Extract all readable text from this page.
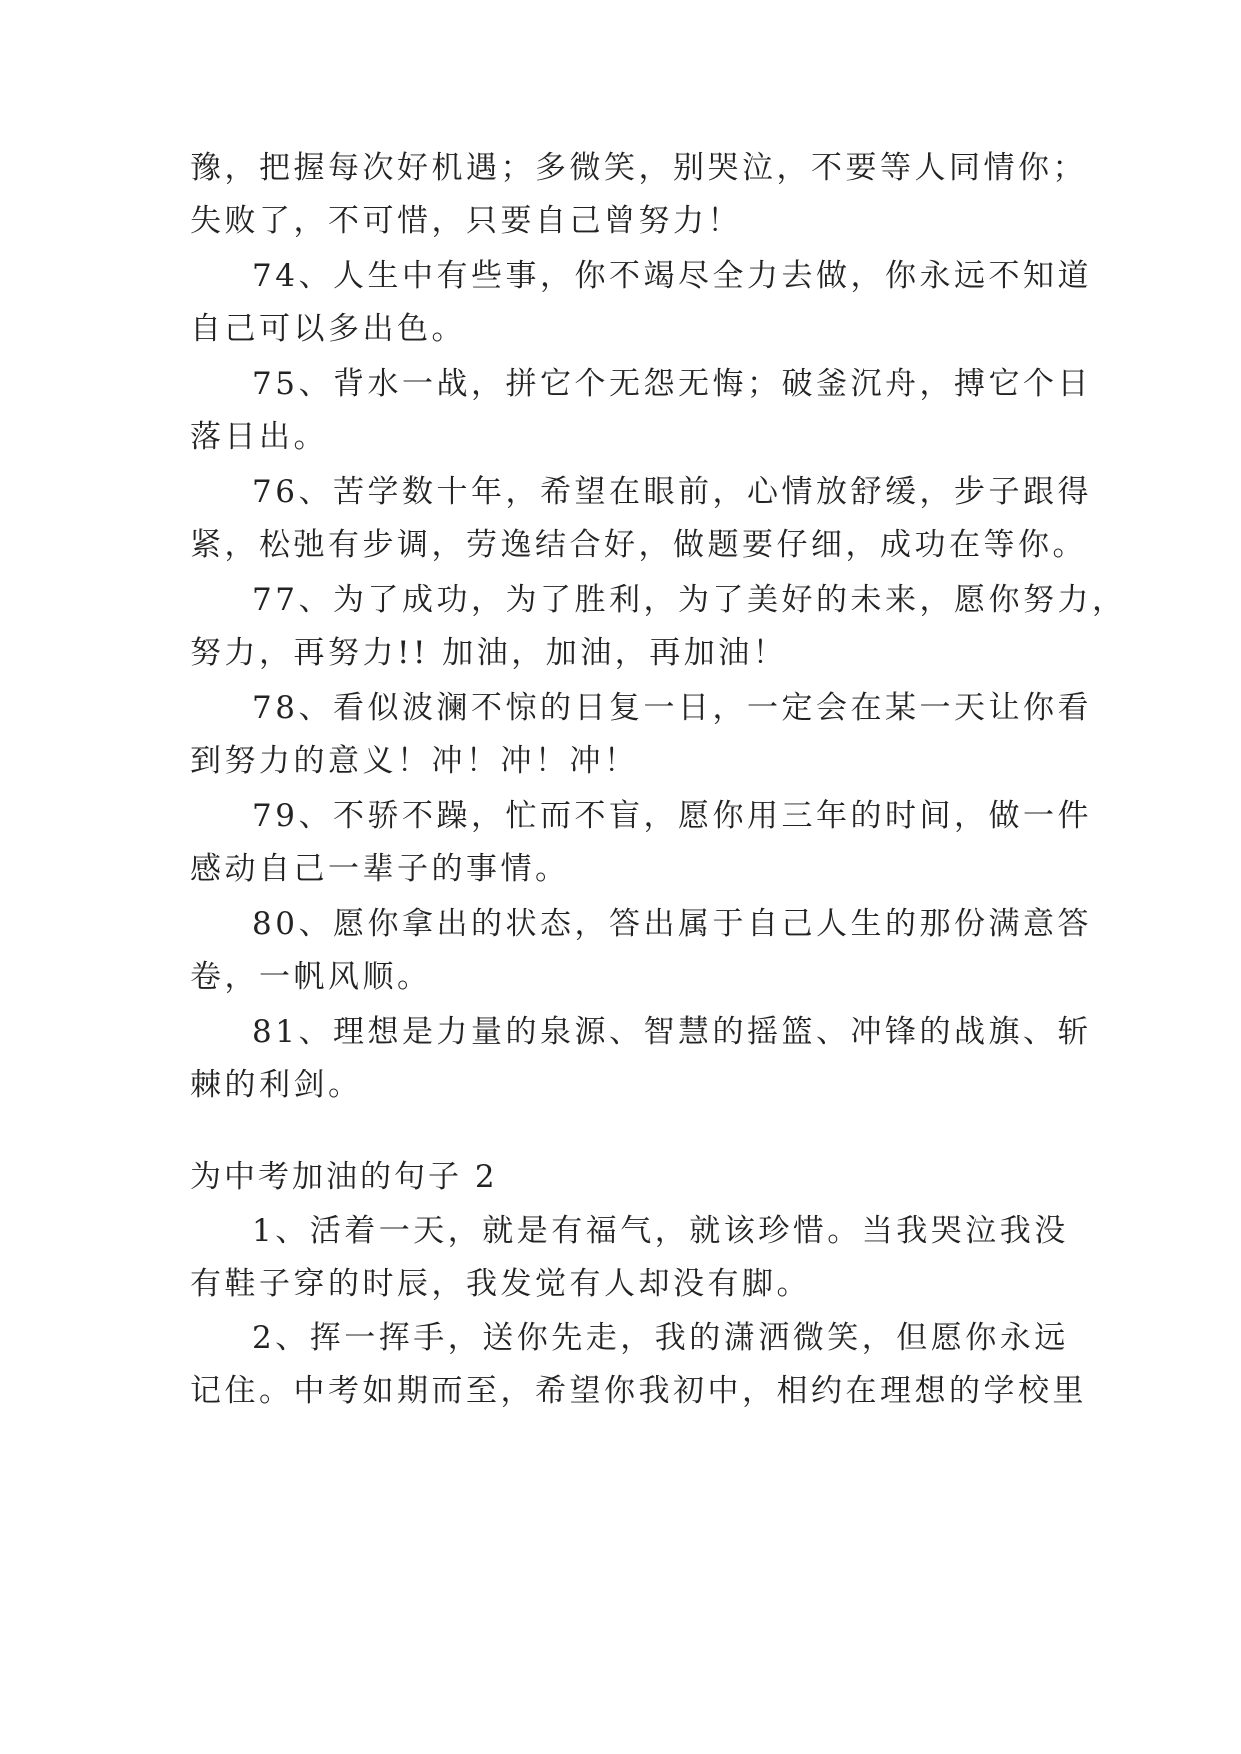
豫，把握每次好机遇；多微笑，别哭泣，不要等人同情你；
失败了，不可惜，只要自己曾努力！
74、人生中有些事，你不竭尽全力去做，你永远不知道
自己可以多出色。
75、背水一战，拼它个无怨无悔；破釜沉舟，搏它个日
落日出。
76、苦学数十年，希望在眼前，心情放舒缓，步子跟得
紧，松弛有步调，劳逸结合好，做题要仔细，成功在等你。
77、为了成功，为了胜利，为了美好的未来，愿你努力，
努力，再努力!! 加油，加油，再加油！
78、看似波澜不惊的日复一日，一定会在某一天让你看
到努力的意义！冲！冲！冲！
79、不骄不躁，忙而不盲，愿你用三年的时间，做一件
感动自己一辈子的事情。
80、愿你拿出的状态，答出属于自己人生的那份满意答
卷，一帆风顺。
81、理想是力量的泉源、智慧的摇篮、冲锋的战旗、斩
棘的利剑。
为中考加油的句子 2
1、活着一天，就是有福气，就该珍惜。当我哭泣我没
有鞋子穿的时辰，我发觉有人却没有脚。
2、挥一挥手，送你先走，我的潇洒微笑，但愿你永远
记住。中考如期而至，希望你我初中，相约在理想的学校里
